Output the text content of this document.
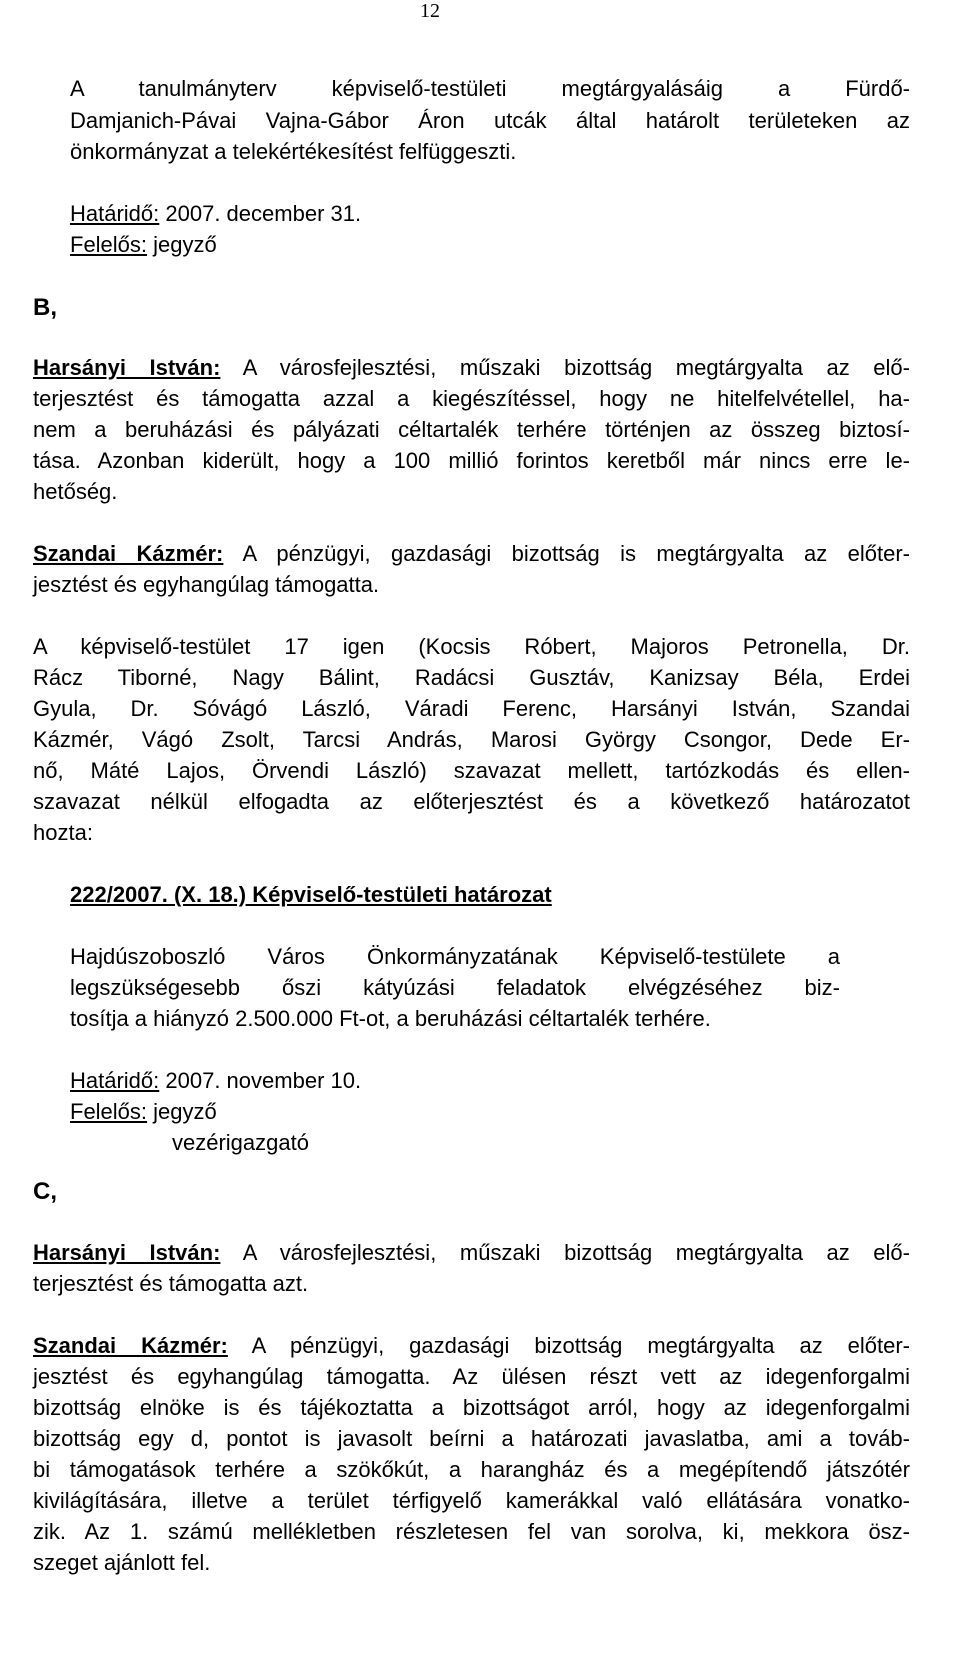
12
A tanulmányterv képviselő-testületi megtárgyalásáig a Fürdő-
Damjanich-Pávai Vajna-Gábor Áron utcák által határolt területeken az
önkormányzat a telekértékesítést felfüggeszti.
Határidő: 2007. december 31.
Felelős: jegyző
B,
Harsányi István: A városfejlesztési, műszaki bizottság megtárgyalta az elő-
terjesztést és támogatta azzal a kiegészítéssel, hogy ne hitelfelvétellel, ha-
nem a beruházási és pályázati céltartalék terhére történjen az összeg biztosí-
tása. Azonban kiderült, hogy a 100 millió forintos keretből már nincs erre le-
hetőség.
Szandai Kázmér: A pénzügyi, gazdasági bizottság is megtárgyalta az előter-
jesztést és egyhangúlag támogatta.
A képviselő-testület 17 igen (Kocsis Róbert, Majoros Petronella, Dr.
Rácz Tiborné, Nagy Bálint, Radácsi Gusztáv, Kanizsay Béla, Erdei
Gyula, Dr. Sóvágó László, Váradi Ferenc, Harsányi István, Szandai
Kázmér, Vágó Zsolt, Tarcsi András, Marosi György Csongor, Dede Er-
nő, Máté Lajos, Örvendi László) szavazat mellett, tartózkodás és ellen-
szavazat nélkül elfogadta az előterjesztést és a következő határozatot
hozta:
222/2007. (X. 18.) Képviselő-testületi határozat
Hajdúszoboszló Város Önkormányzatának Képviselő-testülete a
legszükségesebb őszi kátyúzási feladatok elvégzéséhez biz-
tosítja a hiányzó 2.500.000 Ft-ot, a beruházási céltartalék terhére.
Határidő: 2007. november 10.
Felelős: jegyző
vezérigazgató
C,
Harsányi István: A városfejlesztési, műszaki bizottság megtárgyalta az elő-
terjesztést és támogatta azt.
Szandai Kázmér: A pénzügyi, gazdasági bizottság megtárgyalta az előter-
jesztést és egyhangúlag támogatta. Az ülésen részt vett az idegenforgalmi
bizottság elnöke is és tájékoztatta a bizottságot arról, hogy az idegenforgalmi
bizottság egy d, pontot is javasolt beírni a határozati javaslatba, ami a továb-
bi támogatások terhére a szökőkút, a harangház és a megépítendő játszótér
kivilágítására, illetve a terület térfigyelő kamerákkal való ellátására vonatko-
zik. Az 1. számú mellékletben részletesen fel van sorolva, ki, mekkora ösz-
szeget ajánlott fel.
